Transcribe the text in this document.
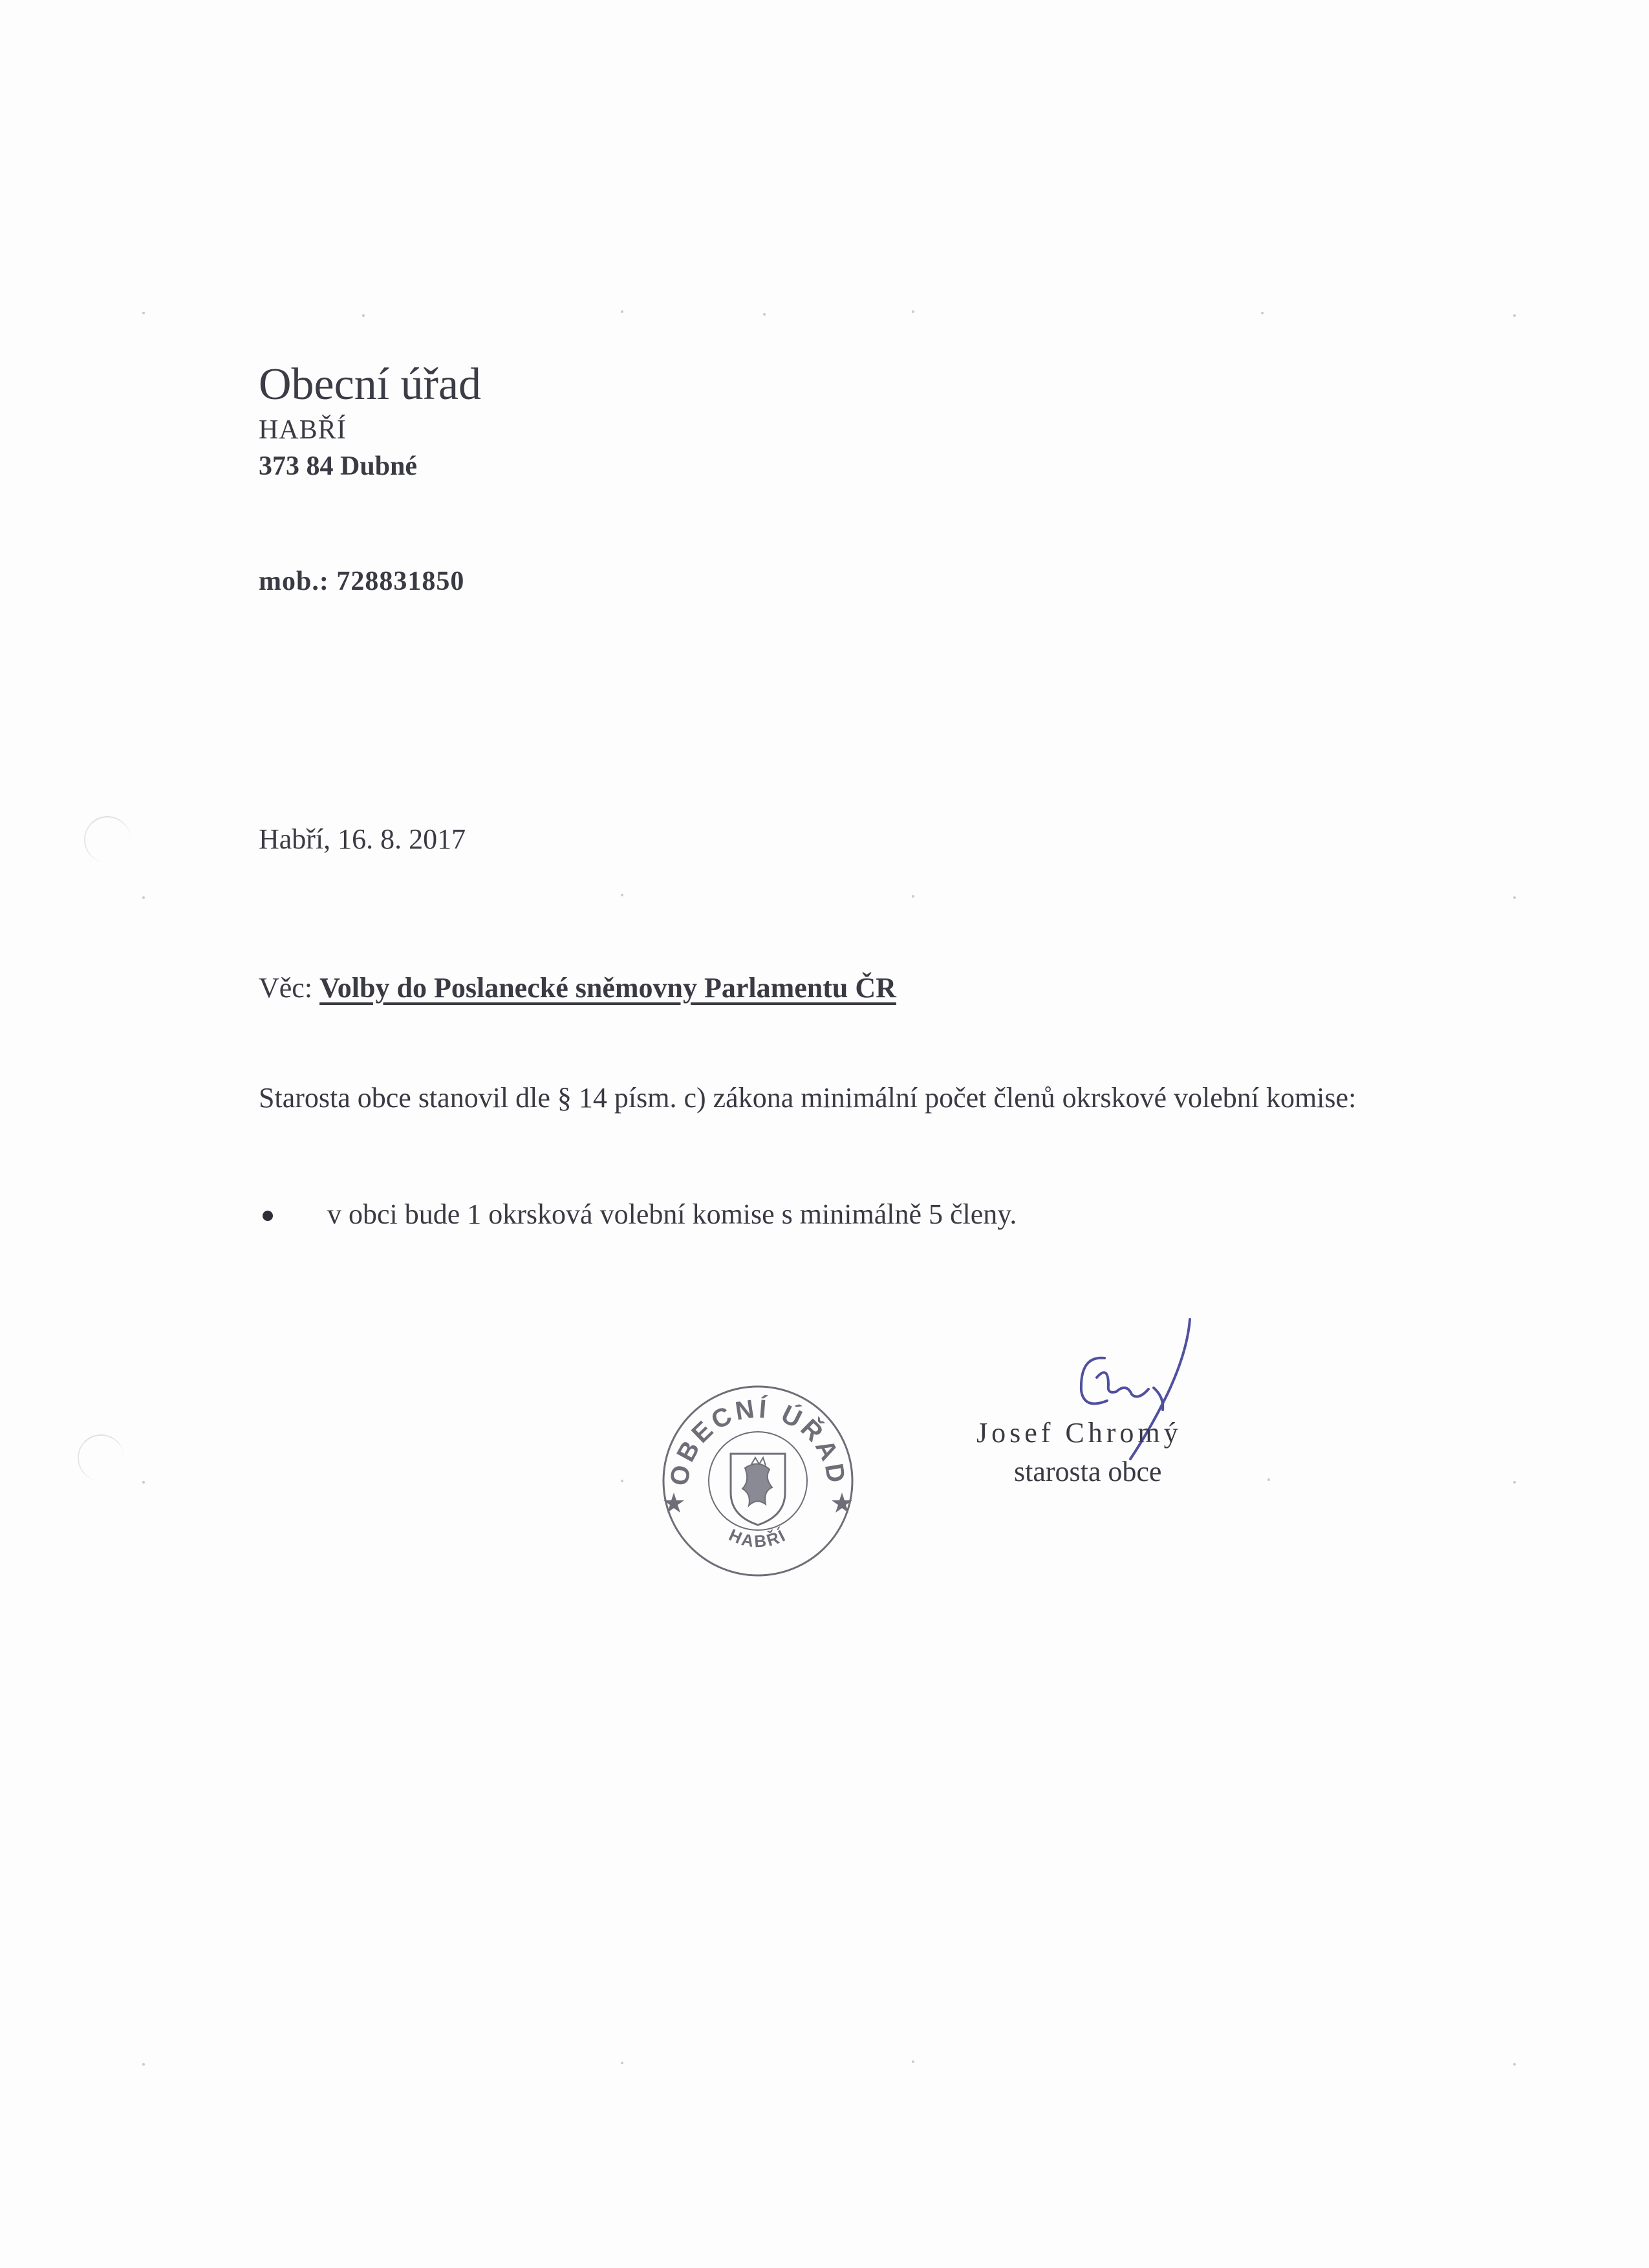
Obecní úřad
HABŘÍ
373 84 Dubné
mob.: 728831850
Habří, 16. 8. 2017
Věc: Volby do Poslanecké sněmovny Parlamentu ČR
Starosta obce stanovil dle § 14 písm. c) zákona minimální počet členů okrskové volební komise:
v obci bude 1 okrsková volební komise s minimálně 5 členy.
OBECNÍ ÚŘAD
HABŘÍ
Josef Chromý
starosta obce
